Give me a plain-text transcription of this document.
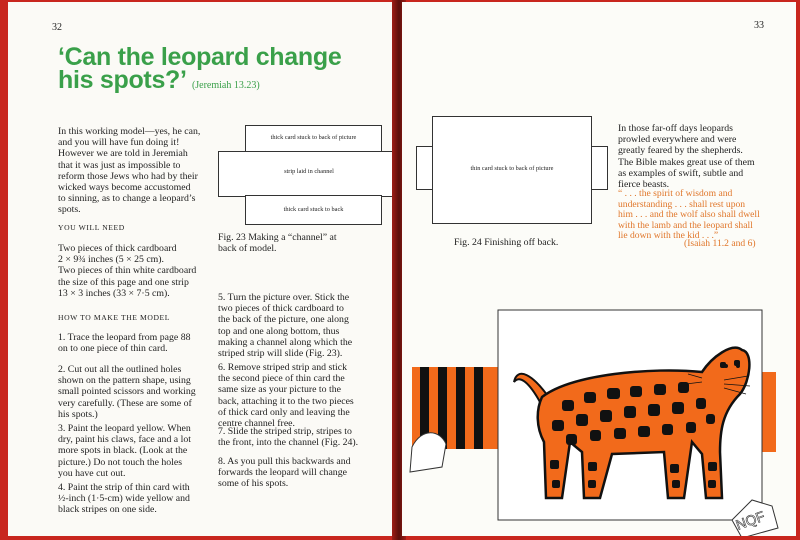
32
‘Can the leopard change his spots?’ (Jeremiah 13.23)
In this working model—yes, he can,
and you will have fun doing it!
However we are told in Jeremiah
that it was just as impossible to
reform those Jews who had by their
wicked ways become accustomed
to sinning, as to change a leopard’s
spots.
YOU WILL NEED
Two pieces of thick cardboard
2 × 9¾ inches (5 × 25 cm).
Two pieces of thin white cardboard
the size of this page and one strip
13 × 3 inches (33 × 7·5 cm).
HOW TO MAKE THE MODEL
1. Trace the leopard from page 88
on to one piece of thin card.
2. Cut out all the outlined holes
shown on the pattern shape, using
small pointed scissors and working
very carefully. (These are some of
his spots.)
3. Paint the leopard yellow. When
dry, paint his claws, face and a lot
more spots in black. (Look at the
picture.) Do not touch the holes
you have cut out.
4. Paint the strip of thin card with
½-inch (1·5-cm) wide yellow and
black stripes on one side.
thick card stuck to back of picture
strip laid in channel
thick card stuck to back
Fig. 23 Making a “channel” at
back of model.
5. Turn the picture over. Stick the
two pieces of thick cardboard to
the back of the picture, one along
top and one along bottom, thus
making a channel along which the
striped strip will slide (Fig. 23).
6. Remove striped strip and stick
the second piece of thin card the
same size as your picture to the
back, attaching it to the two pieces
of thick card only and leaving the
centre channel free.
7. Slide the striped strip, stripes to
the front, into the channel (Fig. 24).
8. As you pull this backwards and
forwards the leopard will change
some of his spots.
33
thin card stuck to back of picture
Fig. 24 Finishing off back.
In those far-off days leopards
prowled everywhere and were
greatly feared by the shepherds.
The Bible makes great use of them
as examples of swift, subtle and
fierce beasts.
“ . . . the spirit of wisdom and
understanding . . . shall rest upon
him . . . and the wolf also shall dwell
with the lamb and the leopard shall
lie down with the kid . . .”
(Isaiah 11.2 and 6)
NQF
